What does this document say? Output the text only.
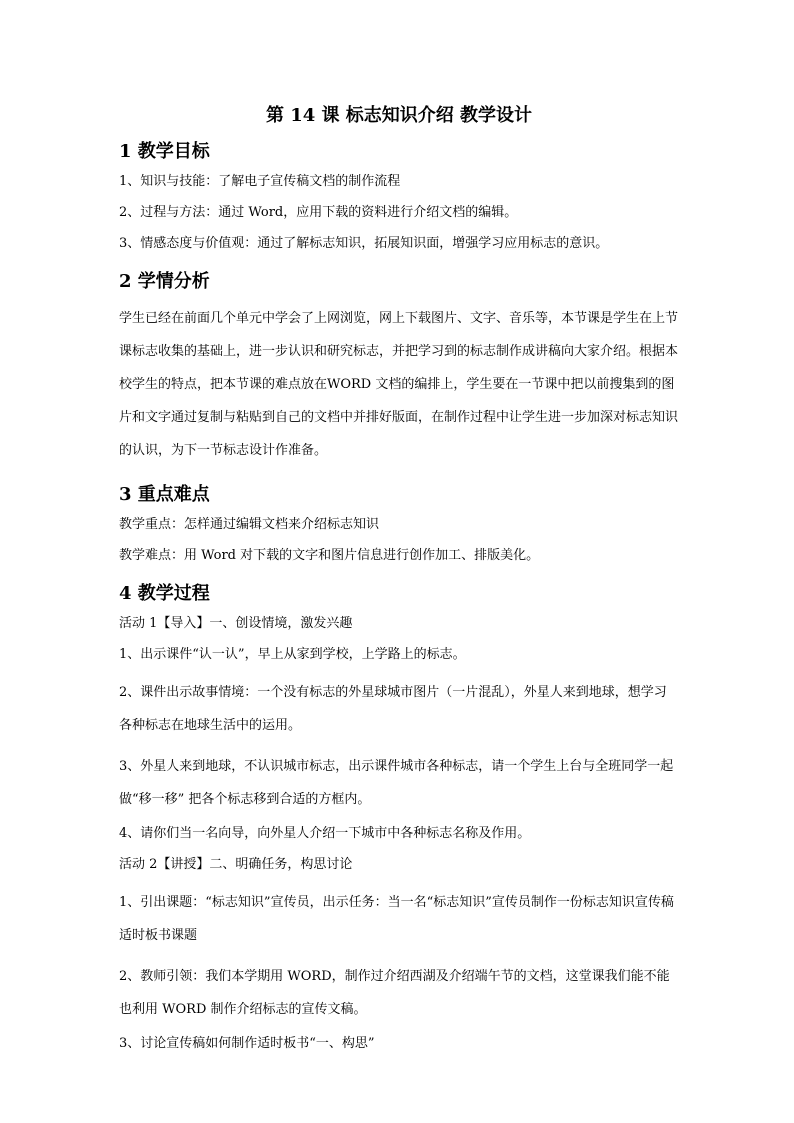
第 14 课 标志知识介绍 教学设计
1 教学目标
1、知识与技能：了解电子宣传稿文档的制作流程
2、过程与方法：通过 Word，应用下载的资料进行介绍文档的编辑。
3、情感态度与价值观：通过了解标志知识，拓展知识面，增强学习应用标志的意识。
2 学情分析
学生已经在前面几个单元中学会了上网浏览，网上下载图片、文字、音乐等，本节课是学生在上节课标志收集的基础上，进一步认识和研究标志，并把学习到的标志制作成讲稿向大家介绍。根据本校学生的特点，把本节课的难点放在WORD 文档的编排上，学生要在一节课中把以前搜集到的图片和文字通过复制与粘贴到自己的文档中并排好版面，在制作过程中让学生进一步加深对标志知识的认识，为下一节标志设计作准备。
3 重点难点
教学重点：怎样通过编辑文档来介绍标志知识
教学难点：用 Word 对下载的文字和图片信息进行创作加工、排版美化。
4 教学过程
活动 1【导入】一、创设情境，激发兴趣
1、出示课件“认一认”，早上从家到学校，上学路上的标志。
2、课件出示故事情境：一个没有标志的外星球城市图片（一片混乱），外星人来到地球，想学习各种标志在地球生活中的运用。
3、外星人来到地球，不认识城市标志，出示课件城市各种标志，请一个学生上台与全班同学一起做“移一移” 把各个标志移到合适的方框内。
4、请你们当一名向导，向外星人介绍一下城市中各种标志名称及作用。
活动 2【讲授】二、明确任务，构思讨论
1、引出课题：“标志知识”宣传员，出示任务：当一名“标志知识”宣传员制作一份标志知识宣传稿适时板书课题
2、教师引领：我们本学期用 WORD，制作过介绍西湖及介绍端午节的文档，这堂课我们能不能也利用 WORD 制作介绍标志的宣传文稿。
3、讨论宣传稿如何制作适时板书“一、构思”
